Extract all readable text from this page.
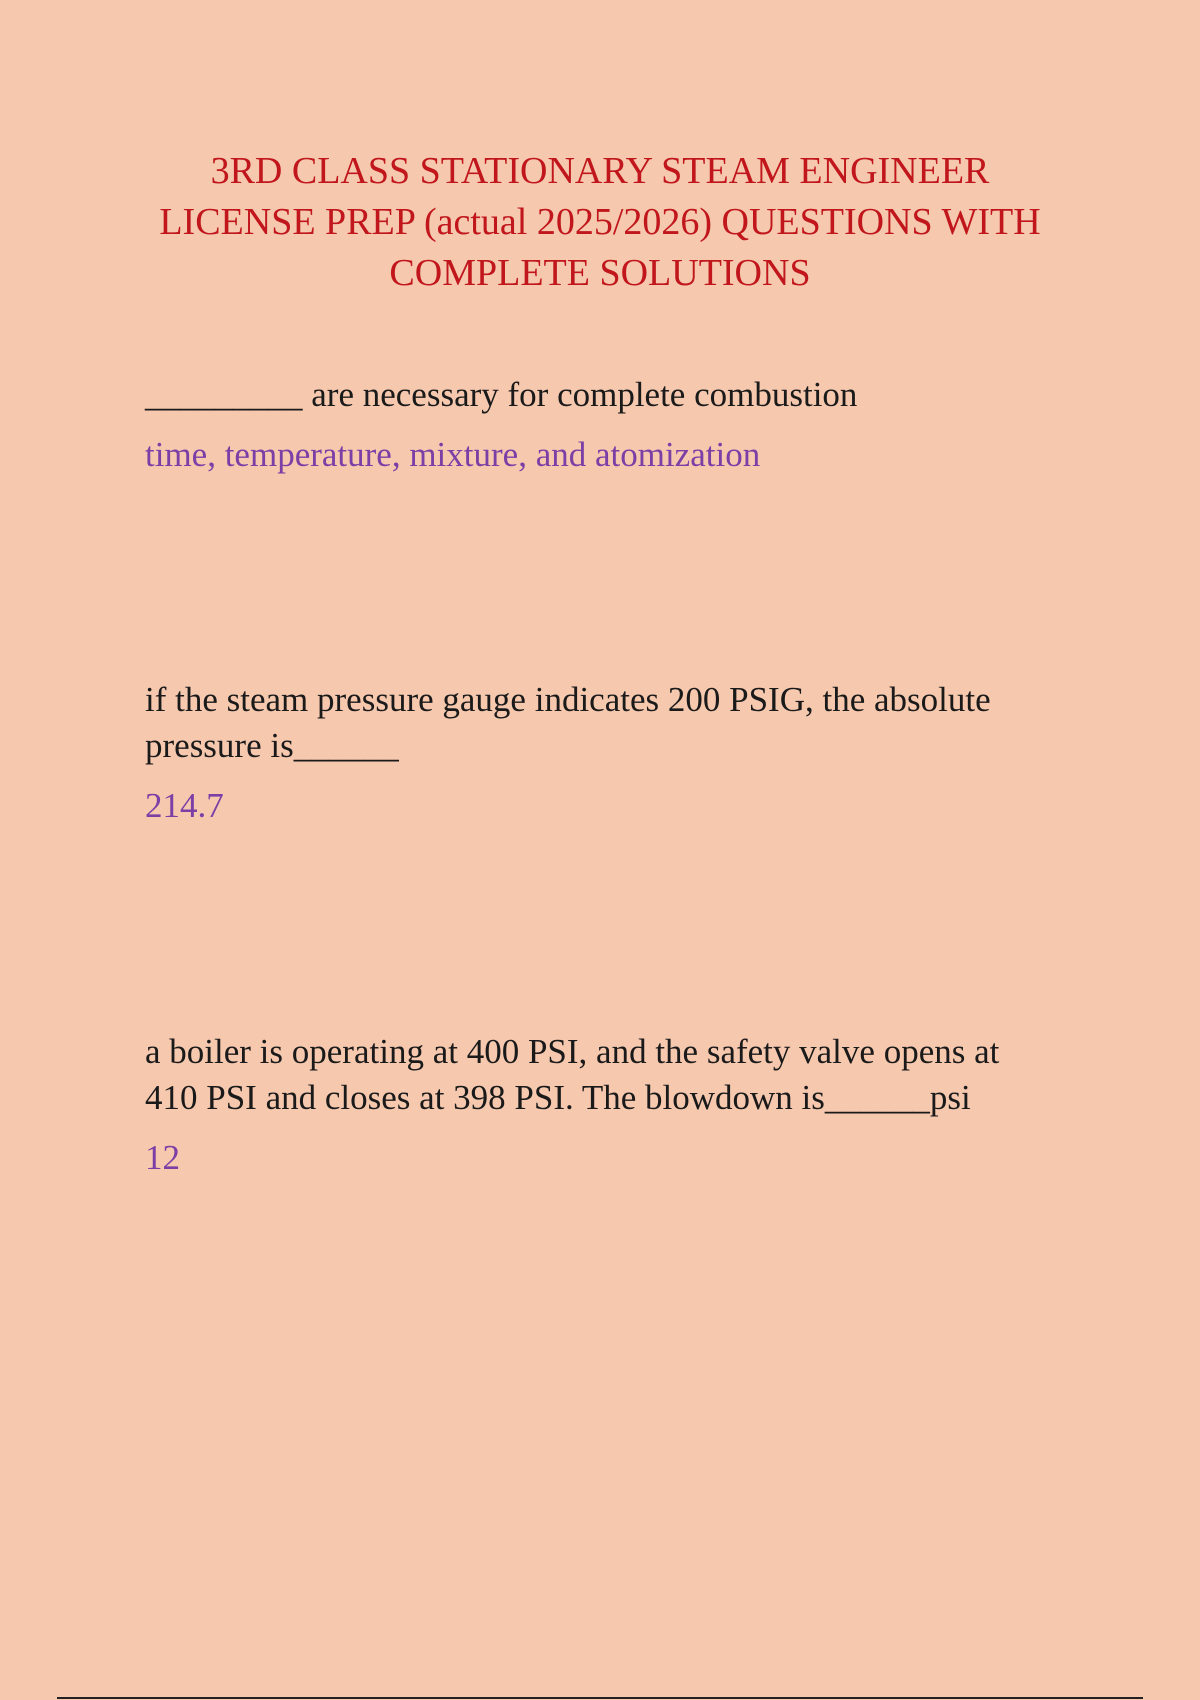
3RD CLASS STATIONARY STEAM ENGINEER LICENSE PREP (actual 2025/2026) QUESTIONS WITH COMPLETE SOLUTIONS

_________ are necessary for complete combustion

time, temperature, mixture, and atomization

if the steam pressure gauge indicates 200 PSIG, the absolute pressure is______

214.7

a boiler is operating at 400 PSI, and the safety valve opens at 410 PSI and closes at 398 PSI. The blowdown is______psi

12
